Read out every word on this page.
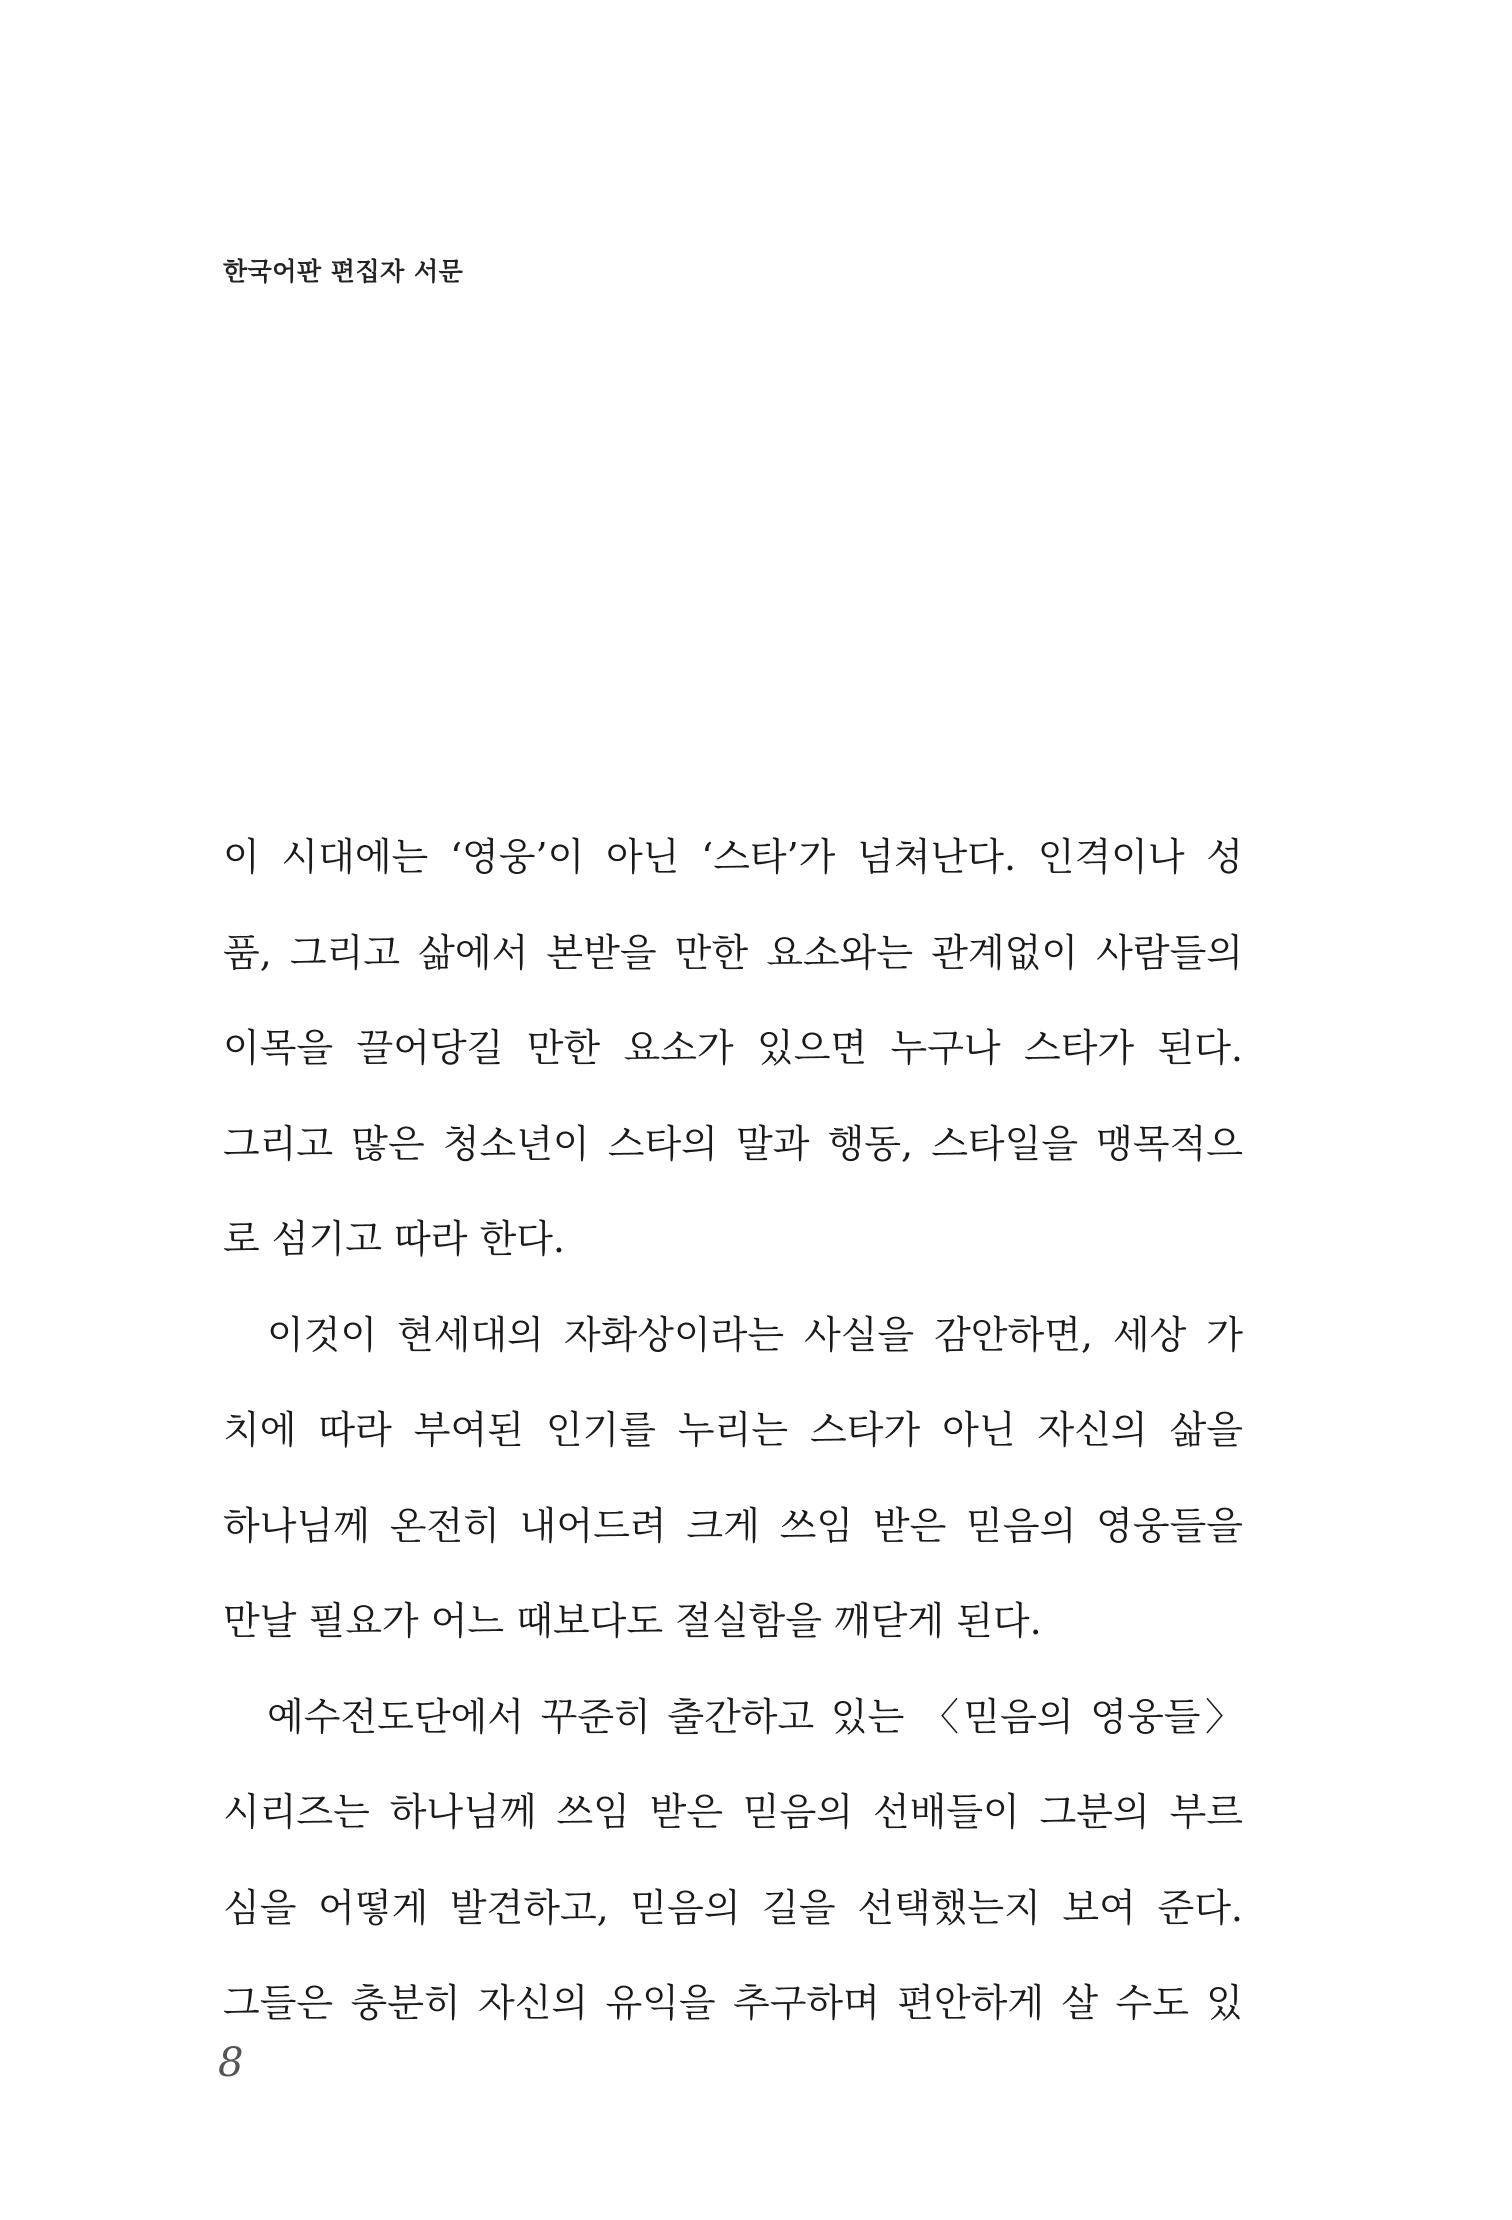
한국어판 편집자 서문
이 시대에는 ‘영웅’이 아닌 ‘스타’가 넘쳐난다. 인격이나 성
품, 그리고 삶에서 본받을 만한 요소와는 관계없이 사람들의
이목을 끌어당길 만한 요소가 있으면 누구나 스타가 된다.
그리고 많은 청소년이 스타의 말과 행동, 스타일을 맹목적으
로 섬기고 따라 한다.
이것이 현세대의 자화상이라는 사실을 감안하면, 세상 가
치에 따라 부여된 인기를 누리는 스타가 아닌 자신의 삶을
하나님께 온전히 내어드려 크게 쓰임 받은 믿음의 영웅들을
만날 필요가 어느 때보다도 절실함을 깨닫게 된다.
예수전도단에서 꾸준히 출간하고 있는 〈믿음의 영웅들〉
시리즈는 하나님께 쓰임 받은 믿음의 선배들이 그분의 부르
심을 어떻게 발견하고, 믿음의 길을 선택했는지 보여 준다.
그들은 충분히 자신의 유익을 추구하며 편안하게 살 수도 있
8
